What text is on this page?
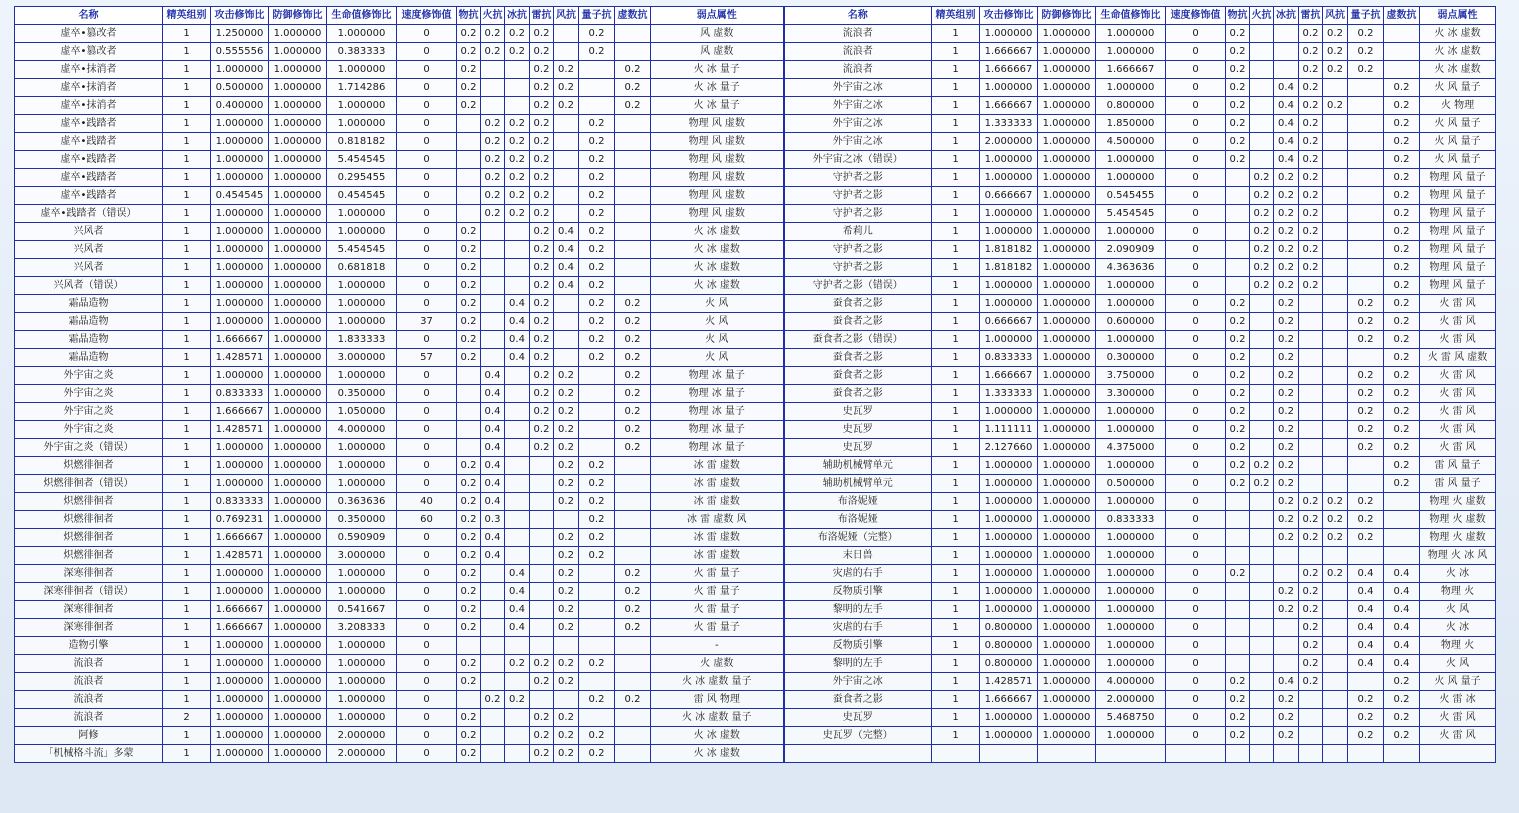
名称	精英组别	攻击修饰比	防御修饰比	生命值修饰比	速度修饰值	物抗	火抗	冰抗	雷抗	风抗	量子抗	虚数抗	弱点属性	名称	精英组别	攻击修饰比	防御修饰比	生命值修饰比	速度修饰值	物抗	火抗	冰抗	雷抗	风抗	量子抗	虚数抗	弱点属性
虚卒•篡改者	1	1.250000	1.000000	1.000000	0	0.2	0.2	0.2	0.2		0.2		风 虚数	流浪者	1	1.000000	1.000000	1.000000	0	0.2			0.2	0.2	0.2		火 冰 虚数
虚卒•篡改者	1	0.555556	1.000000	0.383333	0	0.2	0.2	0.2	0.2		0.2		风 虚数	流浪者	1	1.666667	1.000000	1.000000	0	0.2			0.2	0.2	0.2		火 冰 虚数
虚卒•抹消者	1	1.000000	1.000000	1.000000	0	0.2			0.2	0.2		0.2	火 冰 量子	流浪者	1	1.666667	1.000000	1.666667	0	0.2			0.2	0.2	0.2		火 冰 虚数
虚卒•抹消者	1	0.500000	1.000000	1.714286	0	0.2			0.2	0.2		0.2	火 冰 量子	外宇宙之冰	1	1.000000	1.000000	1.000000	0	0.2		0.4	0.2			0.2	火 风 量子
虚卒•抹消者	1	0.400000	1.000000	1.000000	0	0.2			0.2	0.2		0.2	火 冰 量子	外宇宙之冰	1	1.666667	1.000000	0.800000	0	0.2		0.4	0.2	0.2		0.2	火 物理
虚卒•践踏者	1	1.000000	1.000000	1.000000	0		0.2	0.2	0.2		0.2		物理 风 虚数	外宇宙之冰	1	1.333333	1.000000	1.850000	0	0.2		0.4	0.2			0.2	火 风 量子
虚卒•践踏者	1	1.000000	1.000000	0.818182	0		0.2	0.2	0.2		0.2		物理 风 虚数	外宇宙之冰	1	2.000000	1.000000	4.500000	0	0.2		0.4	0.2			0.2	火 风 量子
虚卒•践踏者	1	1.000000	1.000000	5.454545	0		0.2	0.2	0.2		0.2		物理 风 虚数	外宇宙之冰（错误）	1	1.000000	1.000000	1.000000	0	0.2		0.4	0.2			0.2	火 风 量子
虚卒•践踏者	1	1.000000	1.000000	0.295455	0		0.2	0.2	0.2		0.2		物理 风 虚数	守护者之影	1	1.000000	1.000000	1.000000	0		0.2	0.2	0.2			0.2	物理 风 量子
虚卒•践踏者	1	0.454545	1.000000	0.454545	0		0.2	0.2	0.2		0.2		物理 风 虚数	守护者之影	1	0.666667	1.000000	0.545455	0		0.2	0.2	0.2			0.2	物理 风 量子
虚卒•践踏者（错误）	1	1.000000	1.000000	1.000000	0		0.2	0.2	0.2		0.2		物理 风 虚数	守护者之影	1	1.000000	1.000000	5.454545	0		0.2	0.2	0.2			0.2	物理 风 量子
兴风者	1	1.000000	1.000000	1.000000	0	0.2			0.2	0.4	0.2		火 冰 虚数	希莉儿	1	1.000000	1.000000	1.000000	0		0.2	0.2	0.2			0.2	物理 风 量子
兴风者	1	1.000000	1.000000	5.454545	0	0.2			0.2	0.4	0.2		火 冰 虚数	守护者之影	1	1.818182	1.000000	2.090909	0		0.2	0.2	0.2			0.2	物理 风 量子
兴风者	1	1.000000	1.000000	0.681818	0	0.2			0.2	0.4	0.2		火 冰 虚数	守护者之影	1	1.818182	1.000000	4.363636	0		0.2	0.2	0.2			0.2	物理 风 量子
兴风者（错误）	1	1.000000	1.000000	1.000000	0	0.2			0.2	0.4	0.2		火 冰 虚数	守护者之影（错误）	1	1.000000	1.000000	1.000000	0		0.2	0.2	0.2			0.2	物理 风 量子
霜晶造物	1	1.000000	1.000000	1.000000	0	0.2		0.4	0.2		0.2	0.2	火 风	蚕食者之影	1	1.000000	1.000000	1.000000	0	0.2		0.2			0.2	0.2	火 雷 风
霜晶造物	1	1.000000	1.000000	1.000000	37	0.2		0.4	0.2		0.2	0.2	火 风	蚕食者之影	1	0.666667	1.000000	0.600000	0	0.2		0.2			0.2	0.2	火 雷 风
霜晶造物	1	1.666667	1.000000	1.833333	0	0.2		0.4	0.2		0.2	0.2	火 风	蚕食者之影（错误）	1	1.000000	1.000000	1.000000	0	0.2		0.2			0.2	0.2	火 雷 风
霜晶造物	1	1.428571	1.000000	3.000000	57	0.2		0.4	0.2		0.2	0.2	火 风	蚕食者之影	1	0.833333	1.000000	0.300000	0	0.2		0.2				0.2	火 雷 风 虚数
外宇宙之炎	1	1.000000	1.000000	1.000000	0		0.4		0.2	0.2		0.2	物理 冰 量子	蚕食者之影	1	1.666667	1.000000	3.750000	0	0.2		0.2			0.2	0.2	火 雷 风
外宇宙之炎	1	0.833333	1.000000	0.350000	0		0.4		0.2	0.2		0.2	物理 冰 量子	蚕食者之影	1	1.333333	1.000000	3.300000	0	0.2		0.2			0.2	0.2	火 雷 风
外宇宙之炎	1	1.666667	1.000000	1.050000	0		0.4		0.2	0.2		0.2	物理 冰 量子	史瓦罗	1	1.000000	1.000000	1.000000	0	0.2		0.2			0.2	0.2	火 雷 风
外宇宙之炎	1	1.428571	1.000000	4.000000	0		0.4		0.2	0.2		0.2	物理 冰 量子	史瓦罗	1	1.111111	1.000000	1.000000	0	0.2		0.2			0.2	0.2	火 雷 风
外宇宙之炎（错误）	1	1.000000	1.000000	1.000000	0		0.4		0.2	0.2		0.2	物理 冰 量子	史瓦罗	1	2.127660	1.000000	4.375000	0	0.2		0.2			0.2	0.2	火 雷 风
炽燃徘徊者	1	1.000000	1.000000	1.000000	0	0.2	0.4			0.2	0.2		冰 雷 虚数	辅助机械臂单元	1	1.000000	1.000000	1.000000	0	0.2	0.2	0.2				0.2	雷 风 量子
炽燃徘徊者（错误）	1	1.000000	1.000000	1.000000	0	0.2	0.4			0.2	0.2		冰 雷 虚数	辅助机械臂单元	1	1.000000	1.000000	0.500000	0	0.2	0.2	0.2				0.2	雷 风 量子
炽燃徘徊者	1	0.833333	1.000000	0.363636	40	0.2	0.4			0.2	0.2		冰 雷 虚数	布洛妮娅	1	1.000000	1.000000	1.000000	0			0.2	0.2	0.2	0.2		物理 火 虚数
炽燃徘徊者	1	0.769231	1.000000	0.350000	60	0.2	0.3				0.2		冰 雷 虚数 风	布洛妮娅	1	1.000000	1.000000	0.833333	0			0.2	0.2	0.2	0.2		物理 火 虚数
炽燃徘徊者	1	1.666667	1.000000	0.590909	0	0.2	0.4			0.2	0.2		冰 雷 虚数	布洛妮娅（完整）	1	1.000000	1.000000	1.000000	0			0.2	0.2	0.2	0.2		物理 火 虚数
炽燃徘徊者	1	1.428571	1.000000	3.000000	0	0.2	0.4			0.2	0.2		冰 雷 虚数	末日兽	1	1.000000	1.000000	1.000000	0								物理 火 冰 风
深寒徘徊者	1	1.000000	1.000000	1.000000	0	0.2		0.4		0.2		0.2	火 雷 量子	灾虐的右手	1	1.000000	1.000000	1.000000	0	0.2			0.2	0.2	0.4	0.4	火 冰
深寒徘徊者（错误）	1	1.000000	1.000000	1.000000	0	0.2		0.4		0.2		0.2	火 雷 量子	反物质引擎	1	1.000000	1.000000	1.000000	0			0.2	0.2		0.4	0.4	物理 火
深寒徘徊者	1	1.666667	1.000000	0.541667	0	0.2		0.4		0.2		0.2	火 雷 量子	黎明的左手	1	1.000000	1.000000	1.000000	0			0.2	0.2		0.4	0.4	火 风
深寒徘徊者	1	1.666667	1.000000	3.208333	0	0.2		0.4		0.2		0.2	火 雷 量子	灾虐的右手	1	0.800000	1.000000	1.000000	0				0.2		0.4	0.4	火 冰
造物引擎	1	1.000000	1.000000	1.000000	0								-	反物质引擎	1	0.800000	1.000000	1.000000	0				0.2		0.4	0.4	物理 火
流浪者	1	1.000000	1.000000	1.000000	0	0.2		0.2	0.2	0.2	0.2		火 虚数	黎明的左手	1	0.800000	1.000000	1.000000	0				0.2		0.4	0.4	火 风
流浪者	1	1.000000	1.000000	1.000000	0	0.2			0.2	0.2			火 冰 虚数 量子	外宇宙之冰	1	1.428571	1.000000	4.000000	0	0.2		0.4	0.2			0.2	火 风 量子
流浪者	1	1.000000	1.000000	1.000000	0		0.2	0.2			0.2	0.2	雷 风 物理	蚕食者之影	1	1.666667	1.000000	2.000000	0	0.2		0.2			0.2	0.2	火 雷 冰
流浪者	2	1.000000	1.000000	1.000000	0	0.2			0.2	0.2			火 冰 虚数 量子	史瓦罗	1	1.000000	1.000000	5.468750	0	0.2		0.2			0.2	0.2	火 雷 风
阿修	1	1.000000	1.000000	2.000000	0	0.2			0.2	0.2	0.2		火 冰 虚数	史瓦罗（完整）	1	1.000000	1.000000	1.000000	0	0.2		0.2			0.2	0.2	火 雷 风
「机械格斗流」多蒙	1	1.000000	1.000000	2.000000	0	0.2			0.2	0.2	0.2		火 冰 虚数														
